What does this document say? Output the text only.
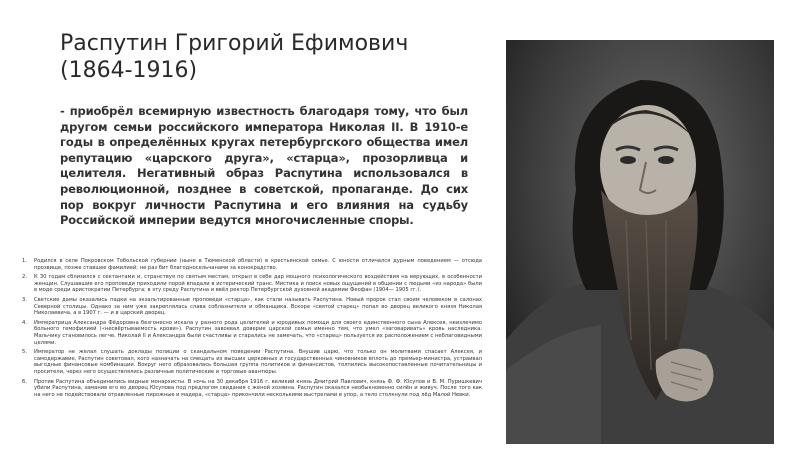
Распутин Григорий Ефимович
(1864-1916)
- приобрёл всемирную известность благодаря тому, что был другом семьи российского императора Николая II. В 1910-е годы в определённых кругах петербургского общества имел репутацию «царского друга», «старца», прозорливца и целителя. Негативный образ Распутина использовался в революционной, позднее в советской, пропаганде. До сих пор вокруг личности Распутина и его влияния на судьбу Российской империи ведутся многочисленные споры.
Родился в селе Покровском Тобольской губернии (ныне в Тюменской области) в крестьянской семье. С юности отличался дурным поведением — отсюда прозвище, позже ставшее фамилией; не раз бит благодносельчанами за конокрадство.
К 30 годам сблизился с сектантами и, странствуя по святым местам, открыл в себе дар мощного психологического воздействия на верующих, в особенности женщин. Слушавшие его проповеди приходили порой впадали в истерический транс. Мистика и поиск новых ощущений в общении с людьми «из народа» были в моде среди аристократии Петербурга; в эту среду Распутина и ввёл ректор Петербургской духовной академии Феофан (1904— 1905 гг.).
Светские дамы оказались падки на экзальтированные проповеди «старца», как стали называть Распутина. Новый пророк стал своим человеком в салонах Северной столицы. Однако за ним уже закреплялась слава соблазнителя и обманщика. Вскоре «святой старец» попал во дворец великого князя Николая Николаевича, а в 1907 г. — и в царский дворец.
Императрица Александра Фёдоровна безгонесно искала у разного рода целителей и юродивых помощи для своего единственного сына Алексея, неизлечимо больного гемофилией («несвёртываемость крови»). Распутин завоевал доверие царской семьи именно тем, что умел «заговаривать» кровь наследника. Мальчику становилось легче, Николай II и Александра были счастливы и старались не замечать, что «старец» пользуется их расположением с неблаговидными целями.
Император не желал слушать доклады полиции о скандальном поведении Распутина. Внушив царю, что только он молитвами спасает Алексея, и самодержавие, Распутин советовал, кого назначать на смещать из высших церковных и государственных чиновников вплоть до премьер-министра, устраивал выгодные финансовые комбинации. Вокруг него образовалась большая группа политиков и финансистов, толпились высокопоставленные почитательницы и просители, через него осуществлялись различные политические и торговые авантюры.
Против Распутина объединились видные монархисты. В ночь на 30 декабря 1916 г. великий князь Дмитрий Павлович, князь Ф. Ф. Юсупов и В. М. Пуришкевич убили Распутина, заманив его во дворец Юсупова под предлогом свидания с женой хозяина. Распутин оказался необыкновенно силён и живуч. После того как на него не подействовали отравленные пирожные и мадера, «старца» прикончили несколькими выстрелами в упор, а тело столкнули под лёд Малой Невки.
